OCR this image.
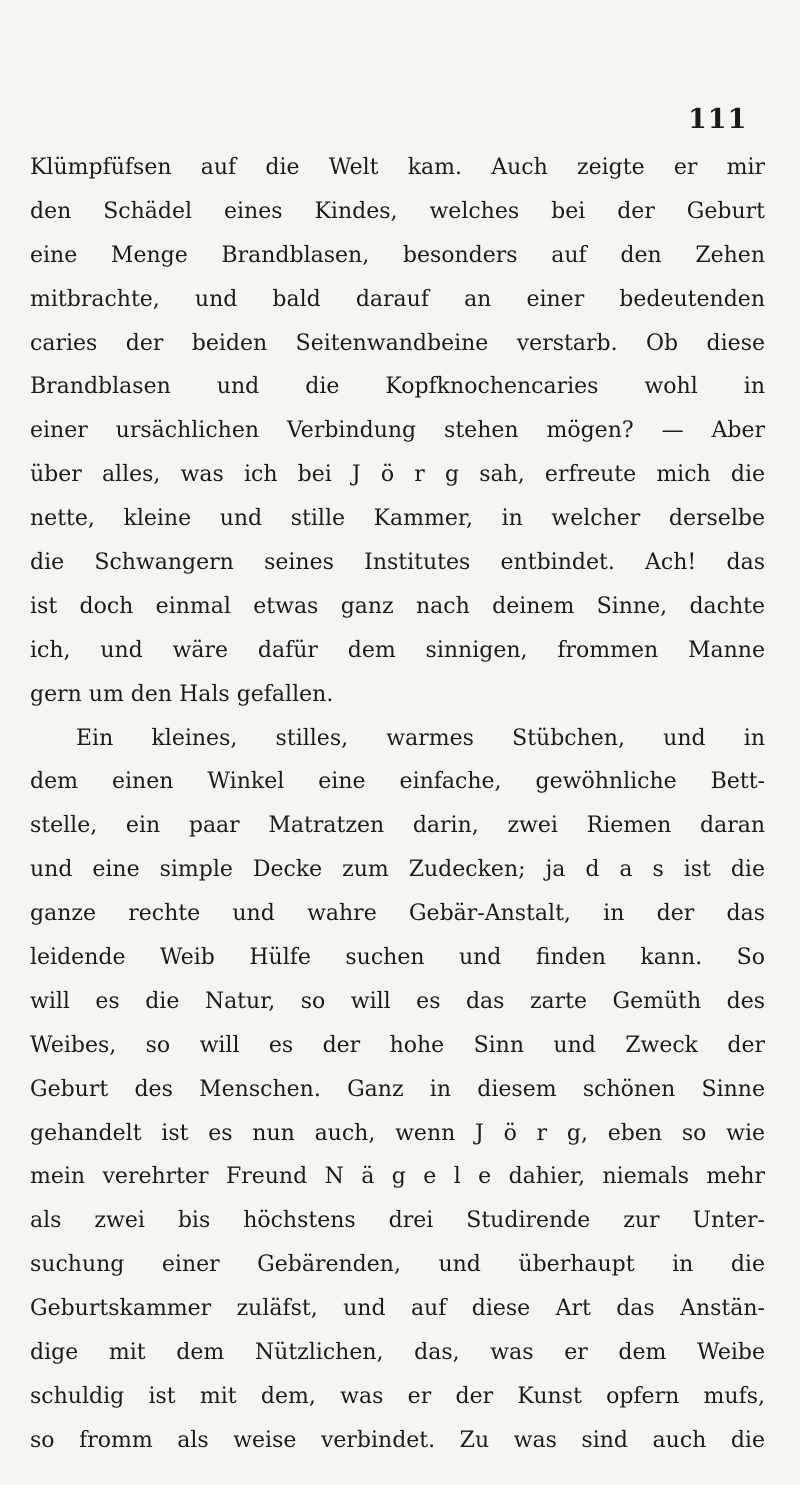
111
Klümpfüfsen auf die Welt kam. Auch zeigte er mir
den Schädel eines Kindes, welches bei der Geburt
eine Menge Brandblasen, besonders auf den Zehen
mitbrachte, und bald darauf an einer bedeutenden
caries der beiden Seitenwandbeine verstarb. Ob diese
Brandblasen und die Kopfknochencaries wohl in
einer ursächlichen Verbindung stehen mögen? — Aber
über alles, was ich bei J ö r g sah, erfreute mich die
nette, kleine und stille Kammer, in welcher derselbe
die Schwangern seines Institutes entbindet. Ach! das
ist doch einmal etwas ganz nach deinem Sinne, dachte
ich, und wäre dafür dem sinnigen, frommen Manne
gern um den Hals gefallen.
Ein kleines, stilles, warmes Stübchen, und in
dem einen Winkel eine einfache, gewöhnliche Bett-
stelle, ein paar Matratzen darin, zwei Riemen daran
und eine simple Decke zum Zudecken; ja d a s ist die
ganze rechte und wahre Gebär-Anstalt, in der das
leidende Weib Hülfe suchen und finden kann. So
will es die Natur, so will es das zarte Gemüth des
Weibes, so will es der hohe Sinn und Zweck der
Geburt des Menschen. Ganz in diesem schönen Sinne
gehandelt ist es nun auch, wenn J ö r g, eben so wie
mein verehrter Freund N ä g e l e dahier, niemals mehr
als zwei bis höchstens drei Studirende zur Unter-
suchung einer Gebärenden, und überhaupt in die
Geburtskammer zuläfst, und auf diese Art das Anstän-
dige mit dem Nützlichen, das, was er dem Weibe
schuldig ist mit dem, was er der Kunst opfern mufs,
so fromm als weise verbindet. Zu was sind auch die
